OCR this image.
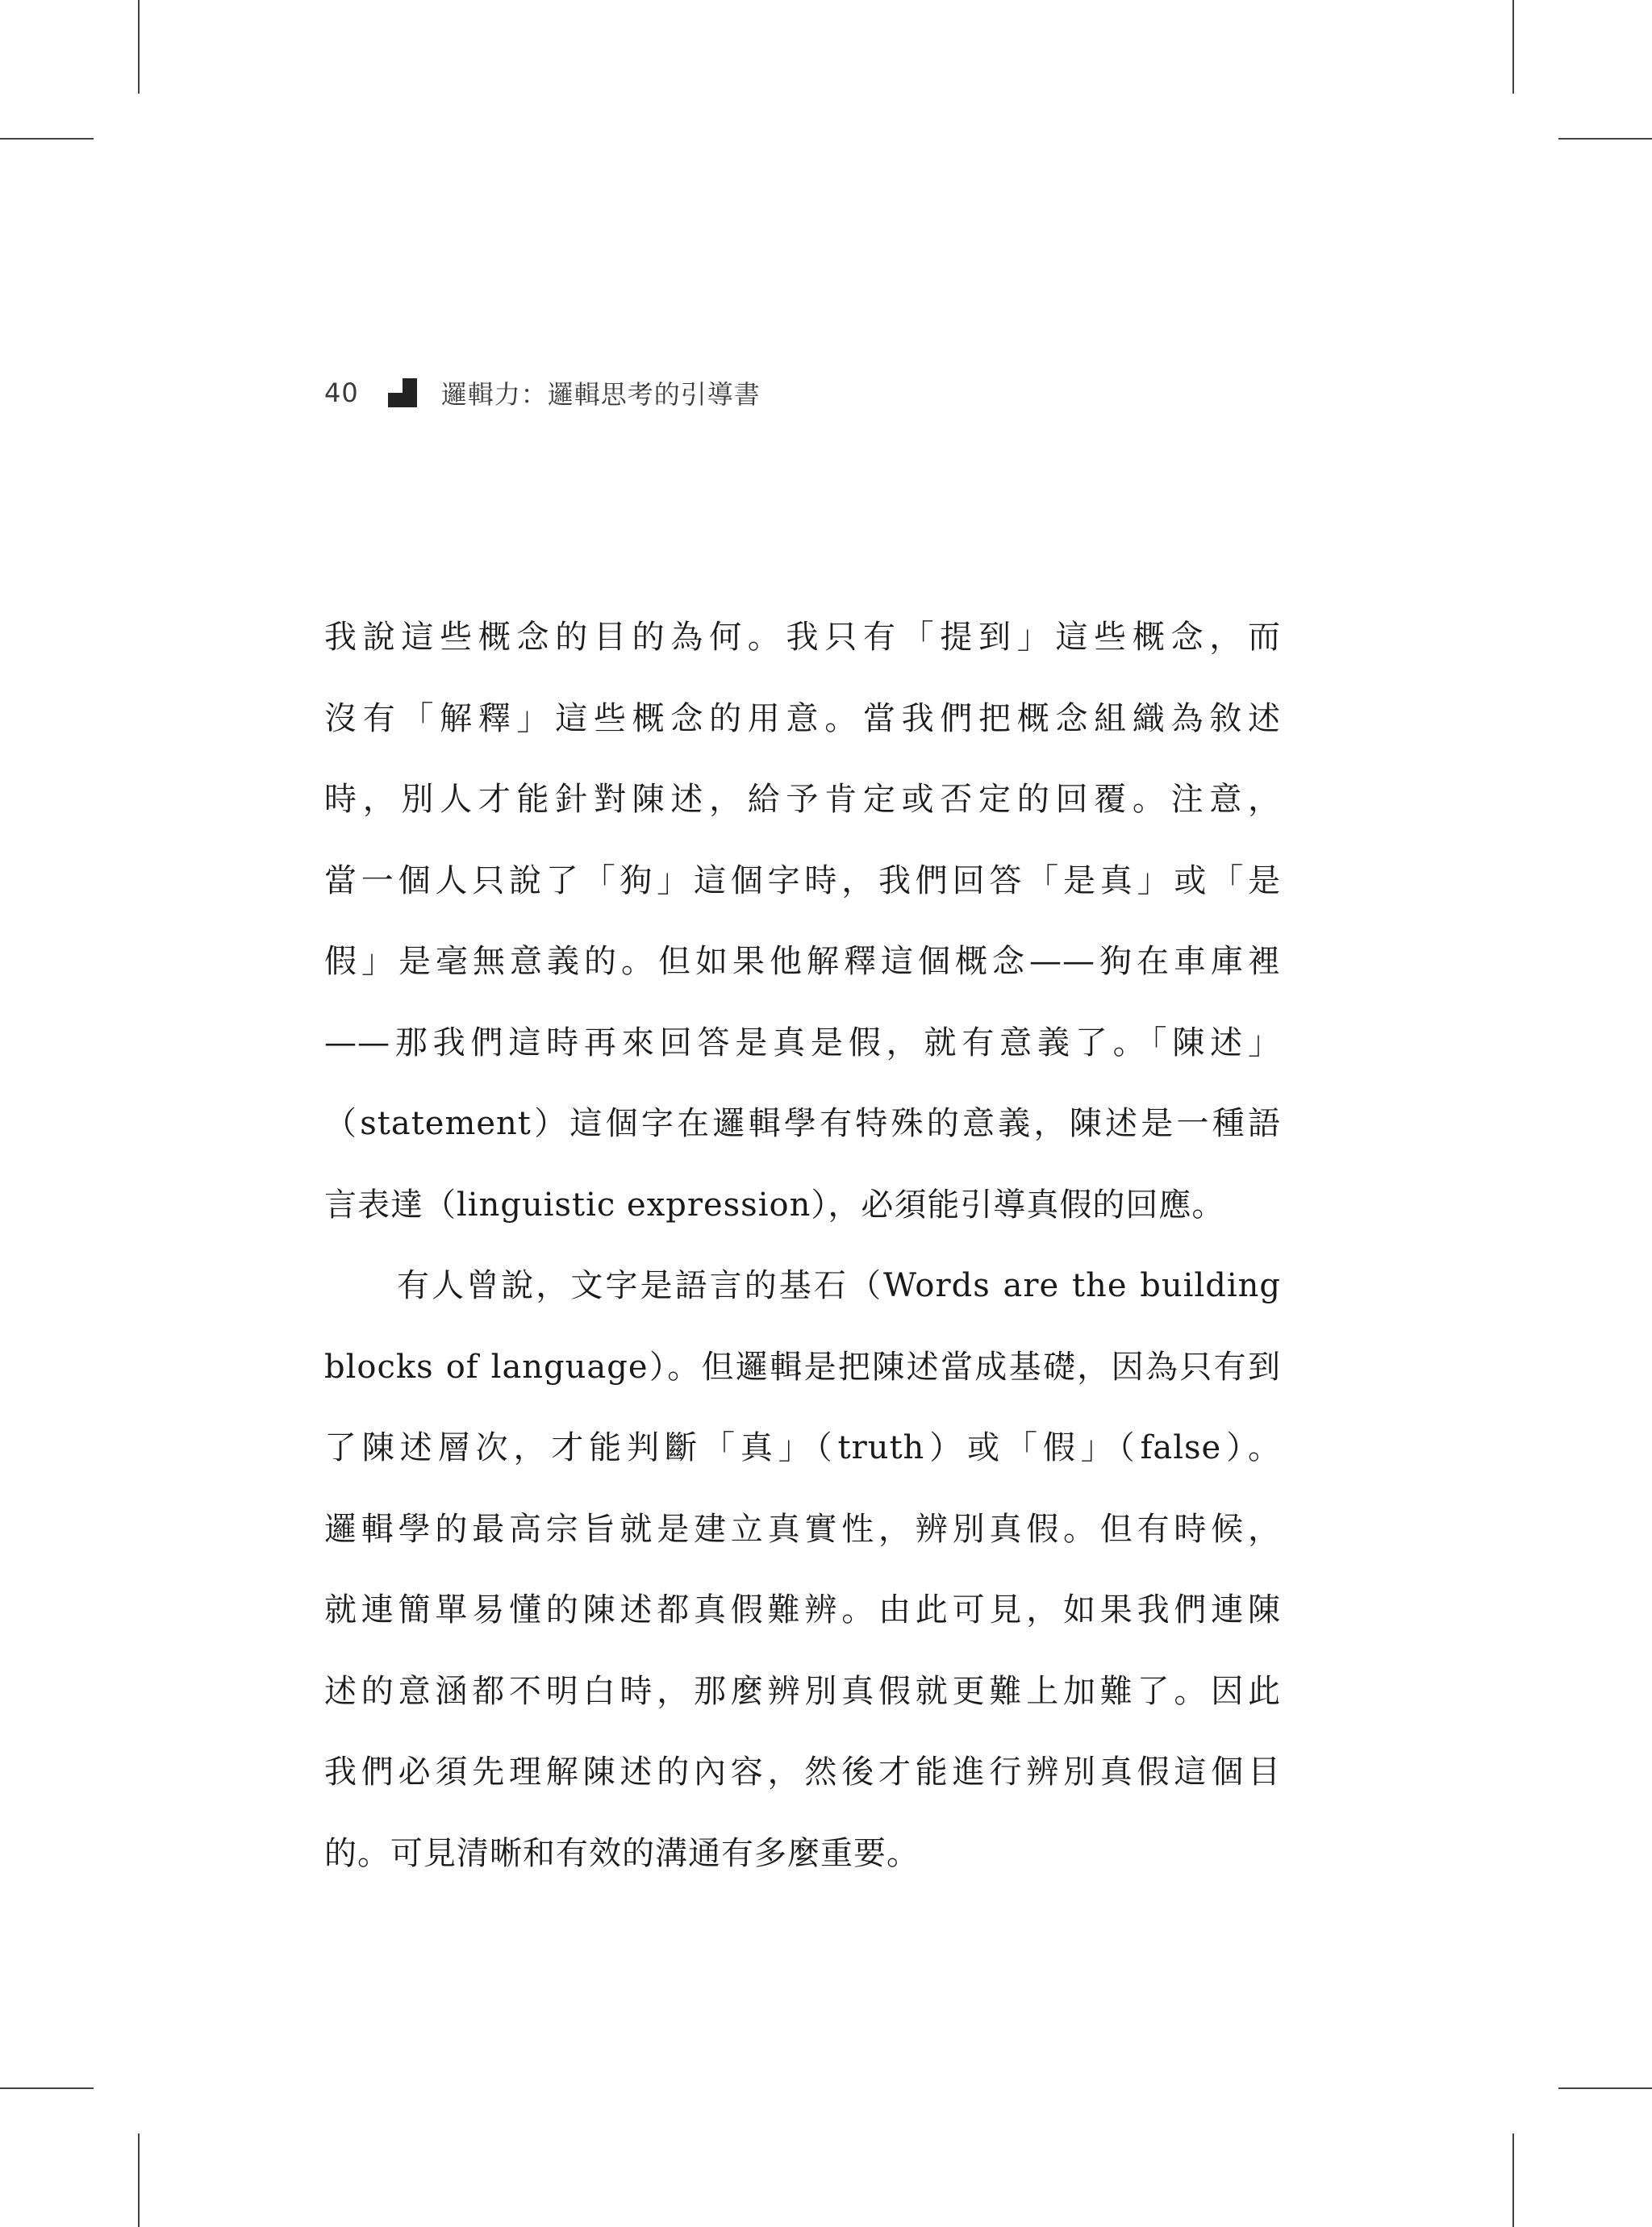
40	邏輯力：邏輯思考的引導書
我說這些概念的目的為何。我只有「提到」這些概念，而
沒有「解釋」這些概念的用意。當我們把概念組織為敘述
時，別人才能針對陳述，給予肯定或否定的回覆。注意，
當一個人只說了「狗」這個字時，我們回答「是真」或「是
假」是毫無意義的。但如果他解釋這個概念——狗在車庫裡
——那我們這時再來回答是真是假，就有意義了。「陳述」
（statement）這個字在邏輯學有特殊的意義，陳述是一種語
言表達（linguistic expression），必須能引導真假的回應。
有人曾說，文字是語言的基石（Words are the building
blocks of language）。但邏輯是把陳述當成基礎，因為只有到
了陳述層次，才能判斷「真」（truth）或「假」（false）。
邏輯學的最高宗旨就是建立真實性，辨別真假。但有時候，
就連簡單易懂的陳述都真假難辨。由此可見，如果我們連陳
述的意涵都不明白時，那麼辨別真假就更難上加難了。因此
我們必須先理解陳述的內容，然後才能進行辨別真假這個目
的。可見清晰和有效的溝通有多麼重要。
